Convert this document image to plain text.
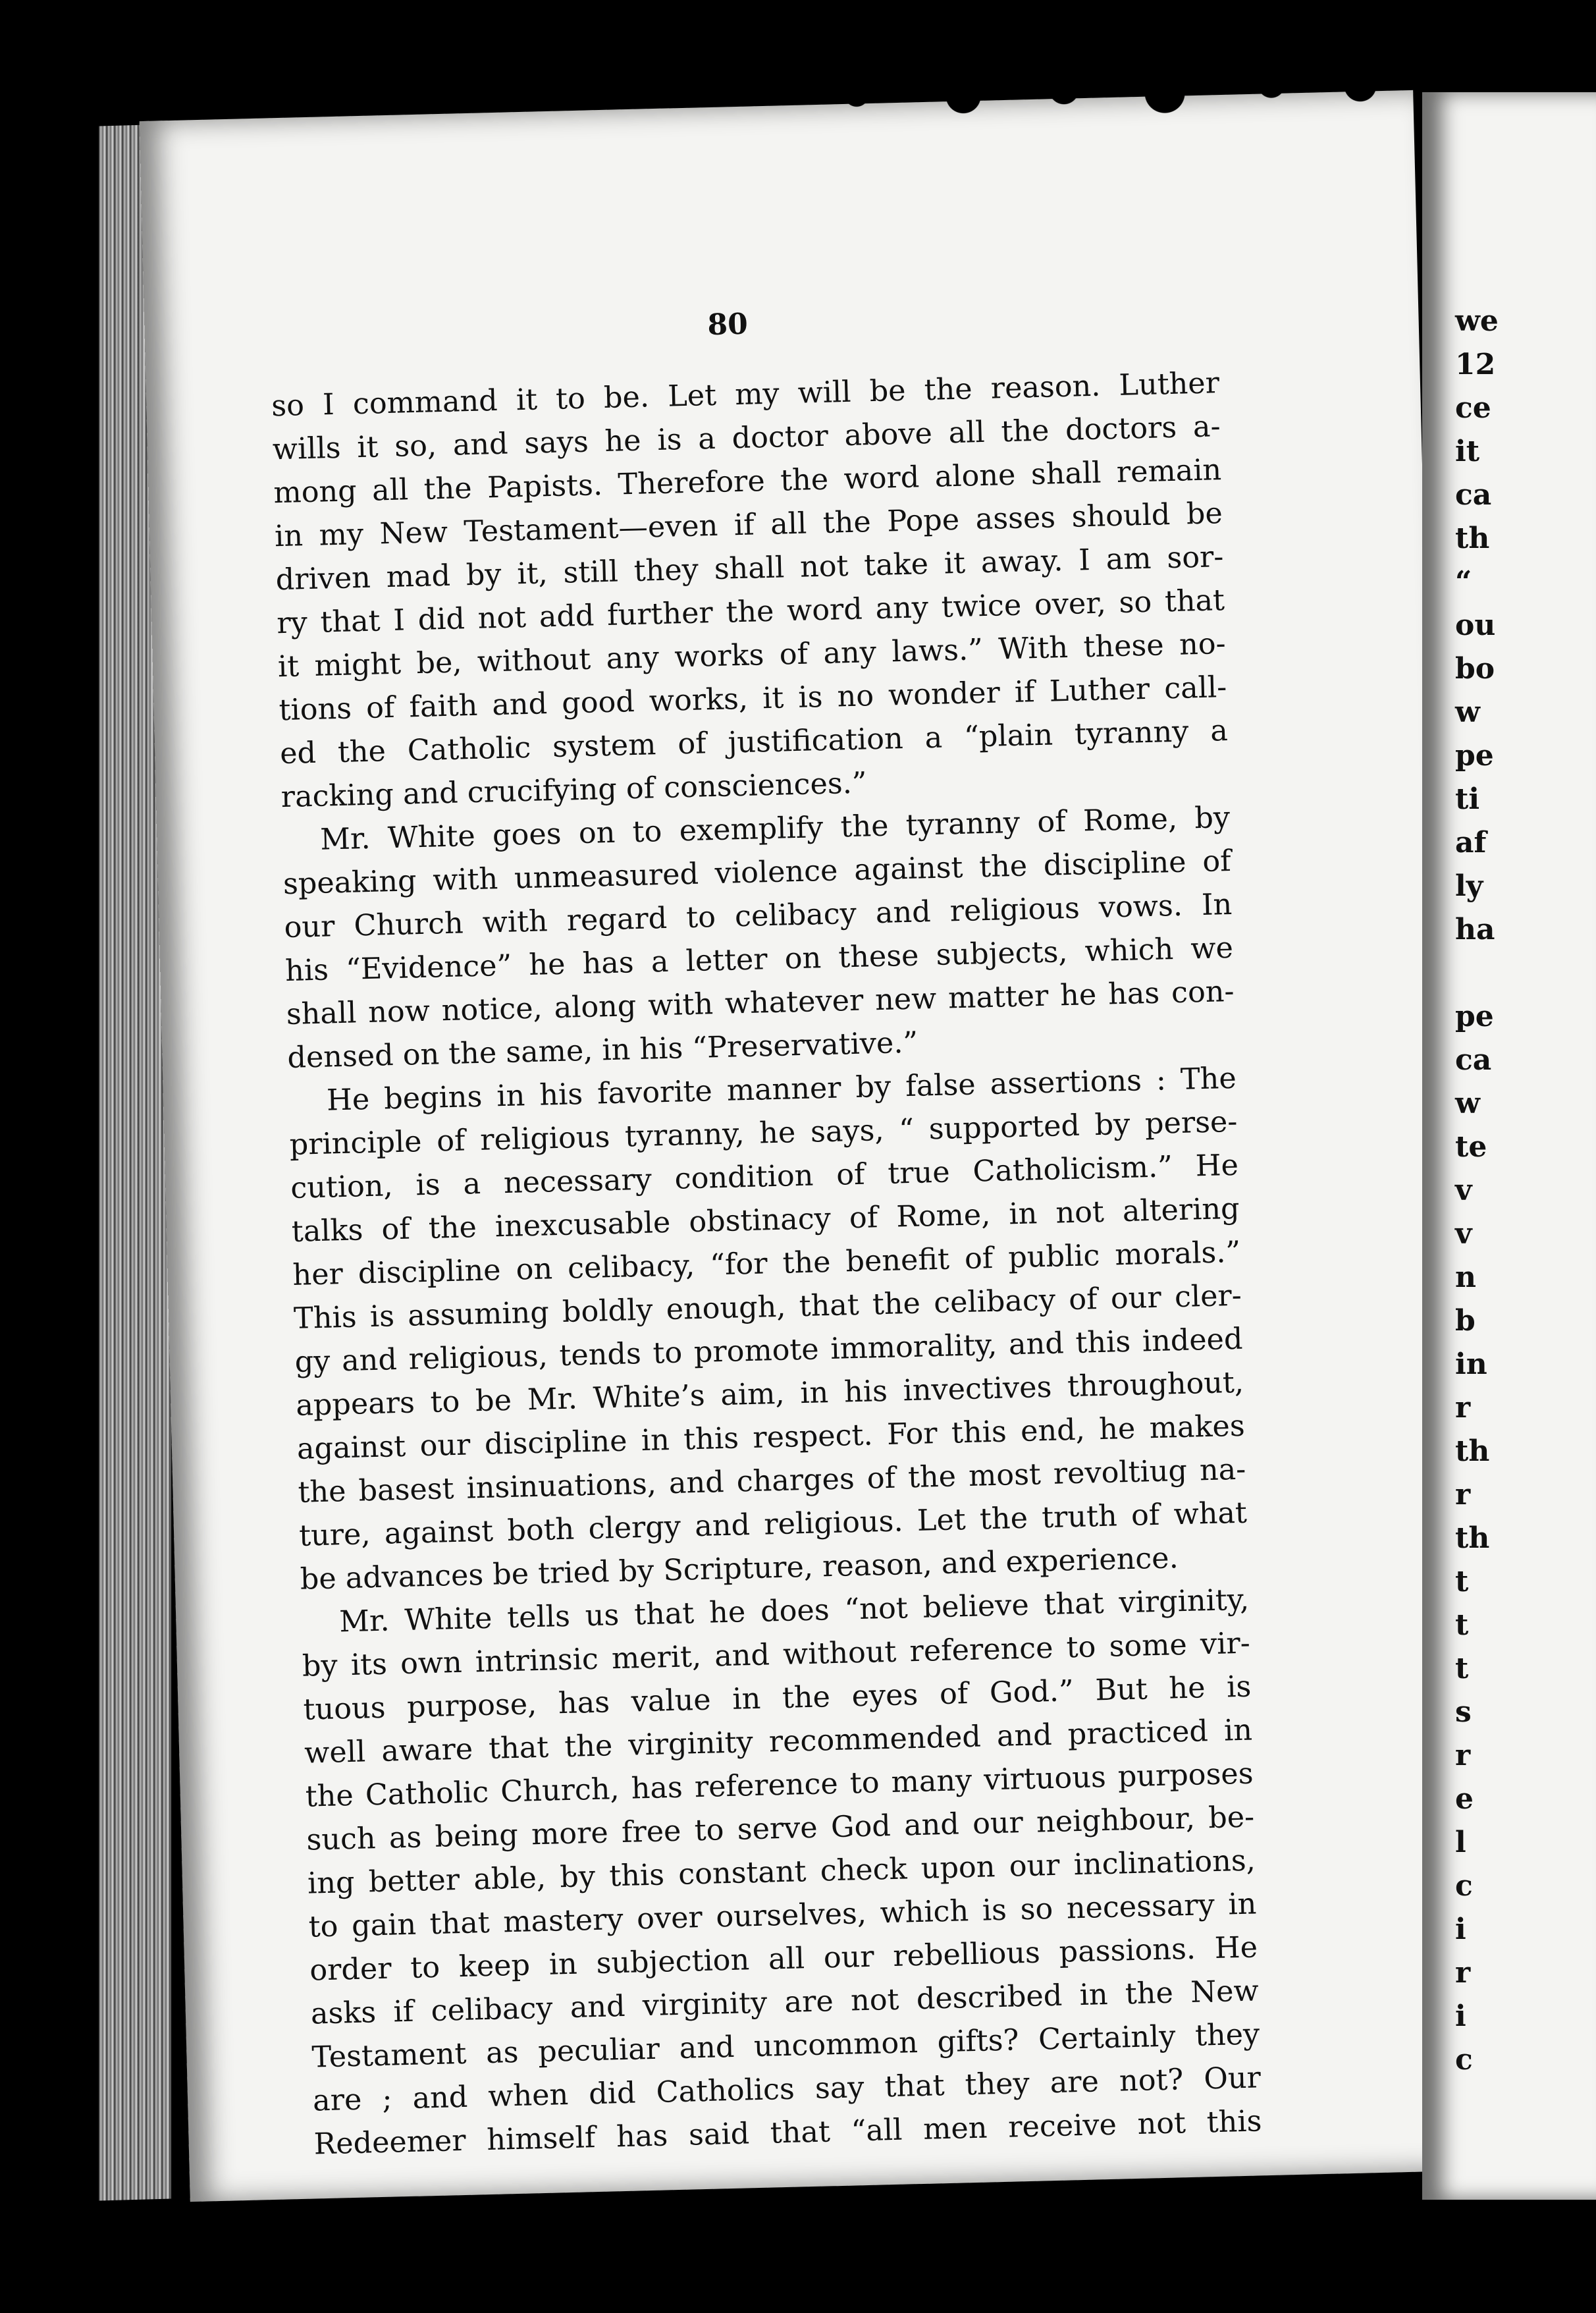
80
so I command it to be. Let my will be the reason. Luther
wills it so, and says he is a doctor above all the doctors a-
mong all the Papists. Therefore the word alone shall remain
in my New Testament—even if all the Pope asses should be
driven mad by it, still they shall not take it away. I am sor-
ry that I did not add further the word any twice over, so that
it might be, without any works of any laws.” With these no-
tions of faith and good works, it is no wonder if Luther call-
ed the Catholic system of justification a “plain tyranny a
racking and crucifying of consciences.”
Mr. White goes on to exemplify the tyranny of Rome, by
speaking with unmeasured violence against the discipline of
our Church with regard to celibacy and religious vows. In
his “Evidence” he has a letter on these subjects, which we
shall now notice, along with whatever new matter he has con-
densed on the same, in his “Preservative.”
He begins in his favorite manner by false assertions : The
principle of religious tyranny, he says, “ supported by perse-
cution, is a necessary condition of true Catholicism.” He
talks of the inexcusable obstinacy of Rome, in not altering
her discipline on celibacy, “for the benefit of public morals.”
This is assuming boldly enough, that the celibacy of our cler-
gy and religious, tends to promote immorality, and this indeed
appears to be Mr. White’s aim, in his invectives throughout,
against our discipline in this respect. For this end, he makes
the basest insinuations, and charges of the most revoltiug na-
ture, against both clergy and religious. Let the truth of what
be advances be tried by Scripture, reason, and experience.
Mr. White tells us that he does “not believe that virginity,
by its own intrinsic merit, and without reference to some vir-
tuous purpose, has value in the eyes of God.” But he is
well aware that the virginity recommended and practiced in
the Catholic Church, has reference to many virtuous purposes
such as being more free to serve God and our neighbour, be-
ing better able, by this constant check upon our inclinations,
to gain that mastery over ourselves, which is so necessary in
order to keep in subjection all our rebellious passions. He
asks if celibacy and virginity are not described in the New
Testament as peculiar and uncommon gifts? Certainly they
are ; and when did Catholics say that they are not? Our
Redeemer himself has said that “all men receive not this
we
12
ce
it
ca
th
“
ou
bo
w
pe
ti
af
ly
ha
pe
ca
w
te
v
v
n
b
in
r
th
r
th
t
t
t
s
r
e
l
c
i
r
i
c
